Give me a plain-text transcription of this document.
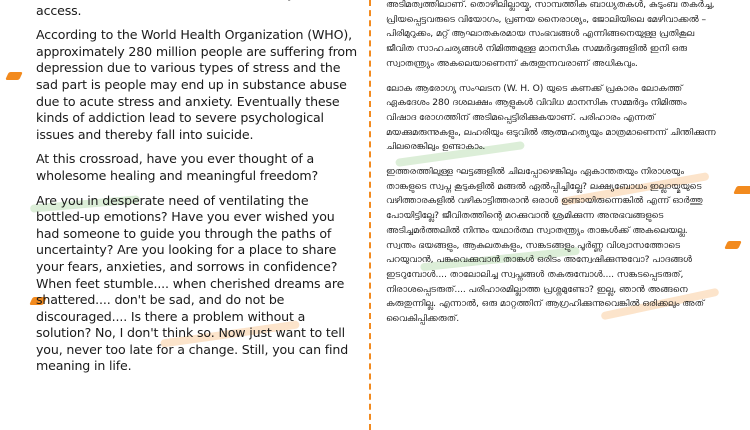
access.

According to the World Health Organization (WHO), approximately 280 million people are suffering from depression due to various types of stress and the sad part is people may end up in substance abuse due to acute stress and anxiety. Eventually these kinds of addiction lead to severe psychological issues and thereby fall into suicide.

At this crossroad, have you ever thought of a wholesome healing and meaningful freedom?

Are you in desperate need of ventilating the bottled-up emotions? Have you ever wished you had someone to guide you through the paths of uncertainty? Are you looking for a place to share your fears, anxieties, and sorrows in confidence? When feet stumble.... when cherished dreams are shattered.... don't be sad, and do not be discouraged.... Is there a problem without a solution? No, I don't think so. Now just want to tell you, never too late for a change. Still, you can find meaning in life.

അടിമത്വത്തിലാണ്. തൊഴിലില്ലായ്മ, സാമ്പത്തിക ബാധ്യതകൾ, കുടുംബ തകർച്ച, പ്രിയപ്പെട്ടവരുടെ വിയോഗം, പ്രണയ നൈരാശ്യം, ജോലിയിലെ മേഴിവാക്കൽ – പിരിമുറുക്കം, മറ്റ് ആഘാതകരമായ സംഭവങ്ങൾ എന്നിങ്ങനെയുള്ള പ്രതികൂല ജീവിത സാഹചര്യങ്ങൾ നിമിത്തമുള്ള മാനസിക സമ്മർദ്ദങ്ങളിൽ ഇനി ഒരു സ്വാതന്ത്ര്യം അകലെയാണെന്ന് കരുതുന്നവരാണ് അധികവും.

ലോക ആരോഗ്യ സംഘടന (W. H. O) യുടെ കണക്ക് പ്രകാരം ലോകത്ത് ഏകദേശം 280 ദശലക്ഷം ആളുകൾ വിവിധ മാനസിക സമ്മർദ്ദം നിമിത്തം വിഷാദ രോഗത്തിന് അടിമപ്പെട്ടിരിക്കുകയാണ്. പരിഹാരം എന്നത് മയക്കുമരുന്നുകളും, ലഹരിയും ഒടുവിൽ ആത്മഹത്യയും മാത്രമാണെന്ന് ചിന്തിക്കുന്ന ചിലരെങ്കിലും ഉണ്ടാകാം.

ഇത്തരത്തിലുള്ള ഘട്ടങ്ങളിൽ ചിലപ്പോഴെങ്കിലും ഏകാന്തതയും നിരാശയും താങ്കളുടെ സ്വപ്ന കൂടുകളിൽ മങ്ങൽ ഏൽപ്പിച്ചില്ലേ? ലക്ഷ്യബോധം ഇല്ലായ്മയുടെ വഴിത്താരകളിൽ വഴികാട്ടിത്തരാൻ ഒരാൾ ഉണ്ടായിരുന്നെങ്കിൽ എന്ന് ഓർത്തു പോയിട്ടില്ലേ? ജീവിതത്തിന്റെ മറക്കുവാൻ ശ്രമിക്കുന്ന അനുഭവങ്ങളുടെ അടിച്ചമർത്തലിൽ നിന്നും യഥാർത്ഥ സ്വാതന്ത്ര്യം താങ്കൾക്ക് അകലെയല്ല. സ്വന്തം ഭയങ്ങളും, ആകുലതകളും, സങ്കടങ്ങളും പൂർണ്ണ വിശ്വാസത്തോടെ പറയുവാൻ, പങ്കുവെക്കുവാൻ താങ്കൾ ഒരിടം അന്വേഷിക്കുന്നുവോ? പാദങ്ങൾ ഇടറുമ്പോൾ.... താലോലിച്ച സ്വപ്നങ്ങൾ തകരുമ്പോൾ.... സങ്കടപ്പെടരുത്, നിരാശപ്പെടരുത്.... പരിഹാരമില്ലാത്ത പ്രശ്നമുണ്ടോ? ഇല്ല, ഞാൻ അങ്ങനെ കരുതുന്നില്ല. എന്നാൽ, ഒരു മാറ്റത്തിന് ആഗ്രഹിക്കുന്നുവെങ്കിൽ ഒരിക്കലും അത് വൈകിപ്പിക്കരുത്.
